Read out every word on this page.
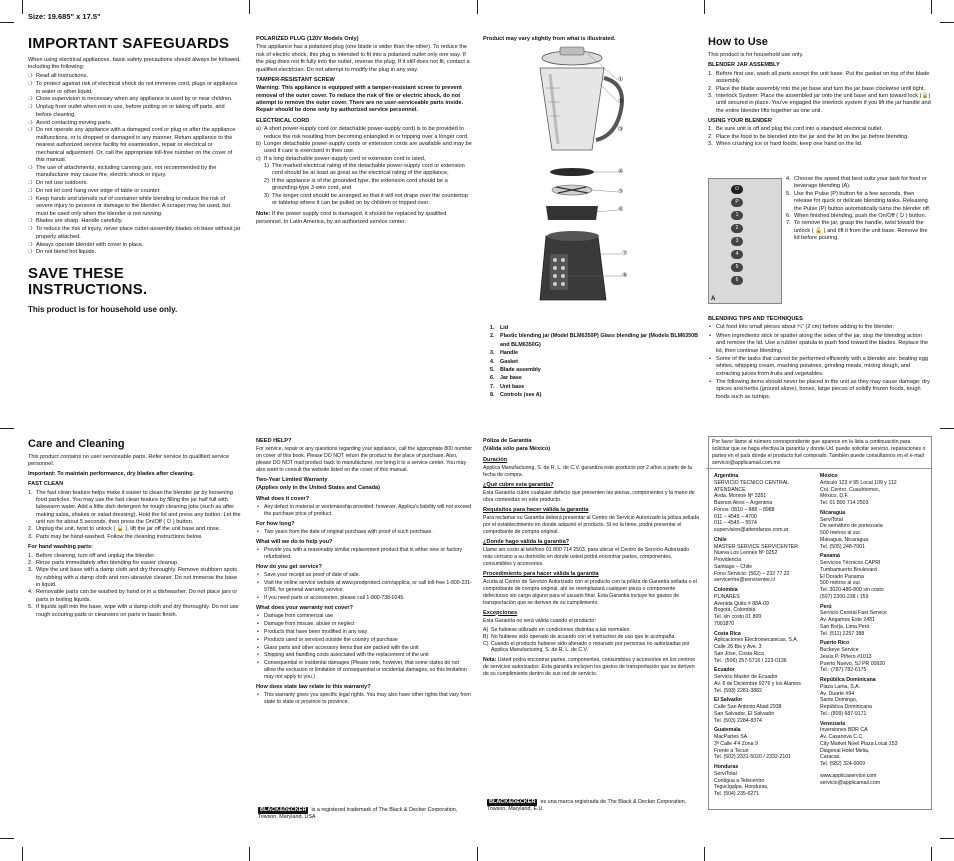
Size: 19.685" x 17.5"
IMPORTANT SAFEGUARDS

When using electrical appliances, basic safety precautions should always be followed, including the following:

❍ Read all instructions.
❍ To protect against risk of electrical shock do not immerse cord, plugs or appliance in water or other liquid.
❍ Close supervision is necessary when any appliance is used by or near children.
❍ Unplug from outlet when not in use, before putting on or taking off parts, and before cleaning.
❍ Avoid contacting moving parts.
❍ Do not operate any appliance with a damaged cord or plug or after the appliance malfunctions, or is dropped or damaged in any manner. Return appliance to the nearest authorized service facility for examination, repair or electrical or mechanical adjustment. Or, call the appropriate toll-free number on the cover of this manual.
❍ The use of attachments, including canning jars, not recommended by the manufacturer may cause fire, electric shock or injury.
❍ Do not use outdoors.
❍ Do not let cord hang over edge of table or counter.
❍ Keep hands and utensils out of container while blending to reduce the risk of severe injury to persons or damage to the blender. A scraper may be used, but must be used only when the blender is not running.
❍ Blades are sharp. Handle carefully.
❍ To reduce the risk of injury, never place cutter-assembly blades on base without jar properly attached.
❍ Always operate blender with cover in place.
❍ Do not blend hot liquids.
SAVE THESE INSTRUCTIONS.
This product is for household use only.
POLARIZED PLUG (120V Models Only)

This appliance has a polarized plug (one blade is wider than the other). To reduce the risk of electric shock, this plug is intended to fit into a polarized outlet only one way. If the plug does not fit fully into the outlet, reverse the plug. If it still does not fit, contact a qualified electrician. Do not attempt to modify the plug in any way.

TAMPER-RESISTANT SCREW

Warning: This appliance is equipped with a tamper-resistant screw to prevent removal of the outer cover. To reduce the risk of fire or electric shock, do not attempt to remove the outer cover. There are no user-serviceable parts inside. Repair should be done only by authorized service personnel.

ELECTRICAL CORD
a) A short power-supply cord (or detachable power-supply cord) is to be provided to reduce the risk resulting from becoming entangled in or tripping over a longer cord.
b) Longer detachable power-supply cords or extension cords are available and may be used if care is exercised in their use.
c) If a long detachable power-supply cord or extension cord is used,
1) The marked electrical rating of the detachable power-supply cord or extension cord should be at least as great as the electrical rating of the appliance,
2) If the appliance is of the grounded type, the extension cord should be a grounding-type 3-wire cord, and
3) The longer cord should be arranged so that it will not drape over the countertop or tabletop where it can be pulled on by children or tripped over.

Note: If the power supply cord is damaged, it should be replaced by qualified personnel. In Latin America, by an authorized service center.

Product may vary slightly from what is illustrated.
①
②
③
④
⑤
⑥
⑦
⑧
1. Lid
2. Plastic blending jar (Model BLM6350P) Glass blending jar (Models BLM6350B and BLM6350G)
3. Handle
4. Gasket
5. Blade assembly
6. Jar base
7. Unit base
8. Controls (see A)
How to Use

This product is for household use only.

BLENDER JAR ASSEMBLY
1. Before first use, wash all parts except the unit base. Put the gasket on top of the blade assembly.
2. Place the blade assembly into the jar base and turn the jar base clockwise until tight.
3. Interlock System: Place the assembled jar onto the unit base and turn toward lock (🔒) until secured in place. You've engaged the interlock system if you lift the jar handle and the entire blender lifts together as one unit.
USING YOUR BLENDER
1. Be sure unit is off and plug the cord into a standard electrical outlet.
2. Place the food to be blended into the jar and the lid on the jar before blending.
3. When crushing ice or hard foods, keep one hand on the lid.
⏻
P
1
2
3
4
5
6
A
4. Choose the speed that best suits your task for food or beverage blending (A).
5. Use the Pulse (P) button for a few seconds, then release for quick or delicate blending tasks. Releasing the Pulse (P) button automatically turns the blender off.
6. When finished blending, push the On/Off ( ⏻ ) button.
7. To remove the jar, grasp the handle, twist toward the unlock ( 🔓 ) and lift it from the unit base. Remove the lid before pouring.
BLENDING TIPS AND TECHNIQUES
• Cut food into small pieces about ¾" (2 cm) before adding to the blender.
• When ingredients stick or spatter along the sides of the jar, stop the blending action and remove the lid. Use a rubber spatula to push food toward the blades. Replace the lid, then continue blending.
• Some of the tasks that cannot be performed efficiently with a blender are: beating egg whites, whipping cream, mashing potatoes, grinding meats, mixing dough, and extracting juices from fruits and vegetables.
• The following items should never be placed in the unit as they may cause damage: dry spices and herbs (ground alone), bones, large pieces of solidly frozen foods, tough foods such as turnips.
Care and Cleaning

This product contains no user serviceable parts. Refer service to qualified service personnel.

Important: To maintain performance, dry blades after cleaning.

FAST CLEAN
1. The fast clean feature helps make it easier to clean the blender jar by loosening food particles. You may use the fast clean feature by filling the jar half full with lukewarm water. Add a little dish detergent for tough cleaning jobs (such as after making salsa, shakes or salad dressing). Hold the lid and press any button. Let the unit run for about 5 seconds, then press the On/Off ( ⏻ ) button.
2. Unplug the unit, twist to unlock ( 🔓 ), lift the jar off the unit base and rinse.
3. Parts may be hand-washed. Follow the cleaning instructions below.
For hand washing parts:
1. Before cleaning, turn off and unplug the blender.
2. Rinse parts immediately after blending for easier cleanup.
3. Wipe the unit base with a damp cloth and dry thoroughly. Remove stubborn spots by rubbing with a damp cloth and non-abrasive cleaner. Do not immerse the base in liquid.
4. Removable parts can be washed by hand or in a dishwasher. Do not place jars or parts in boiling liquids.
5. If liquids spill into the base, wipe with a damp cloth and dry thoroughly. Do not use rough scouring pads or cleansers on parts in basic finish.
NEED HELP?

For service, repair or any questions regarding your appliance, call the appropriate 800 number on cover of this book. Please DO NOT return the product to the place of purchase. Also, please DO NOT mail product back to manufacturer, nor bring it to a service center. You may also want to consult the website listed on the cover of this manual.

Two-Year Limited Warranty
(Applies only in the United States and Canada)
What does it cover?
• Any defect in material or workmanship provided; however, Applica's liability will not exceed the purchase price of product.
For how long?
• Two years from the date of original purchase with proof of such purchase.
What will we do to help you?
• Provide you with a reasonably similar replacement product that is either new or factory refurbished.
How do you get service?
• Save your receipt as proof of date of sale.
• Visit the online service website at www.prodprotect.com/applica, or call toll-free 1-800-231-9786, for general warranty service.
• If you need parts or accessories, please call 1-800-738-0245.
What does your warranty not cover?
• Damage from commercial use
• Damage from misuse, abuse or neglect
• Products that have been modified in any way
• Products used or serviced outside the country of purchase
• Glass parts and other accessory items that are packed with the unit
• Shipping and handling costs associated with the replacement of the unit
• Consequential or incidental damages (Please note, however, that some states do not allow the exclusion or limitation of consequential or incidental damages, so this limitation may not apply to you.)
How does state law relate to this warranty?
• This warranty gives you specific legal rights. You may also have other rights that vary from state to state or province to province.
BLACK&DECKER is a registered trademark of The Black & Decker Corporation, Towson, Maryland, USA
Póliza de Garantía
(Válida sólo para México)
Duración

Applica Manufacturing, S. de R. L. de C.V. garantiza este producto por 2 años a partir de la fecha de compra.

¿Qué cubre esta garantía?

Esta Garantía cubre cualquier defecto que presenten las piezas, componentes y la mano de obra contenidas en este producto.

Requisitos para hacer válida la garantía

Para reclamar su Garantía deberá presentar al Centro de Servicio Autorizado la póliza sellada por el establecimiento en donde adquirió el producto. Si no la tiene, podrá presentar el comprobante de compra original.

¿Donde hago válida la garantía?

Llame sin costo al teléfono 01 800 714 2503, para ubicar el Centro de Servicio Autorizado más cercano a su domicilio en donde usted podrá encontrar partes, componentes, consumibles y accesorios.

Procedimiento para hacer válida la garantía

Acuda al Centro de Servicio Autorizado con el producto con la póliza de Garantía sellada o el comprobante de compra original, ahí se reemplazará cualquier pieza o componente defectuoso sin cargo alguno para el usuario final. Esta Garantía incluye los gastos de transportación que se deriven de su cumplimiento.

Excepciones

Esta Garantía no será válida cuando el producto:

A) Se hubiese utilizado en condiciones distintas a las normales.
B) No hubiese sido operado de acuerdo con el instructivo de uso que le acompaña.
C) Cuando el producto hubiese sido alterado o reparado por personas no autorizadas por Applica Manufacturing, S. de R. L. de C.V.

Nota: Usted podra encontrar partes, componentes, consumibles y accesorios en los centros de servicios autorizados. Esta garantía incluyen los gastos de transportación que se deriven de su cumplimiento dentro de sus red de servicio.

BLACK&DECKER es una marca registrada de The Black & Decker Corporation, Towson, Maryland, E.U.
Por favor llame al número correspondiente que aparece en la lista a continuación para solicitar que se haga efectiva la garantía y donde Ud. puede solicitar servicio, reparaciones o partes en el país donde el producto fué comprado. También puede consultarnos en el e-mail servicio@applicamail.com.mx
Argentina
SERVICIO TECNICO CENTRAL
ATENDANCE
Avda. Monroe Nº 3351
Buenos Aires – Argentina
Fonos: 0810 – 888 – 8988
011 – 4545 – 4700
011 – 4545 – 5574
supervision@attendance.com.ar
Chile
MASTER SERVICE SERVICENTER
Nueva Los Leones Nº 0252
Providencia
Santiago – Chile
Fono Servicio: (562) – 232 77 22
servicentre@servicenter.cl
Colombia
PLINARES
Avenida Quito # 88A-09
Bogotá, Colombia
Tel. sin costo 01 800
7001870
Costa Rica
Aplicaciones Electromecanicas, S.A.
Calle 26 Bis y Ave. 3
San Jose, Costa Rica
Tel.: (506) 257-5716 / 223-0136
Ecuador
Servicio Master de Ecuador
Av. 6 de Diciembre 9276 y los Alamos
Tel. (593) 2281-3882
El Salvador
Calle San Antonio Abad 2938
San Salvador, El Salvador
Tel. (503) 2284-8374
Guatemala
MacPartes SA
3ª Calle 4'4 Zona 9
Frente a Tecun
Tel. (502) 2331-5020 / 2332-2101
Honduras
ServiTotal
Contigua a Telecentro
Tegucigalpa, Honduras,
Tel. (504) 235-6271
México
Articulo 123 # 95 Local 109 y 112
Col. Centro, Cuauhtemoc,
México, D.F.
Tel. 01 800 714 2503
Nicaragua
ServiTotal
De semáforo de portezuela
500 metros al sur.
Managua, Nicaragua.
Tel. (505) 248-7001
Panamá
Servicios Técnicos CAPRI
Tumbamuerto Boulevard
El Dorado Panama
500 metros al sur.
Tel. 3020-480-800 sin costo
(507) 2300-238 / 159
Perú
Servicio Central Fast Service
Av. Angamos Este 2431
San Borja, Lima Perú
Tel. (511) 2257 388
Puerto Rico
Buckeye Service
Jesús P. Piñero #1013
Puerto Nuevo, SJ PR 00920
Tel.: (787) 782-6175
República Dominicana
Plaza Lama, S.A.
Av. Duarte #94
Santo Domingo,
República Dominicana
Tel.: (809) 687-9171
Venezuela
Inversiones BDR CA
Av. Casanova C.C.
City Market Nivel Plaza Local 153
Diagonal Hotel Melia,
Caracas.
Tel. (582) 324-0069
www.applicaservice.com
servicio@applicamail.com
